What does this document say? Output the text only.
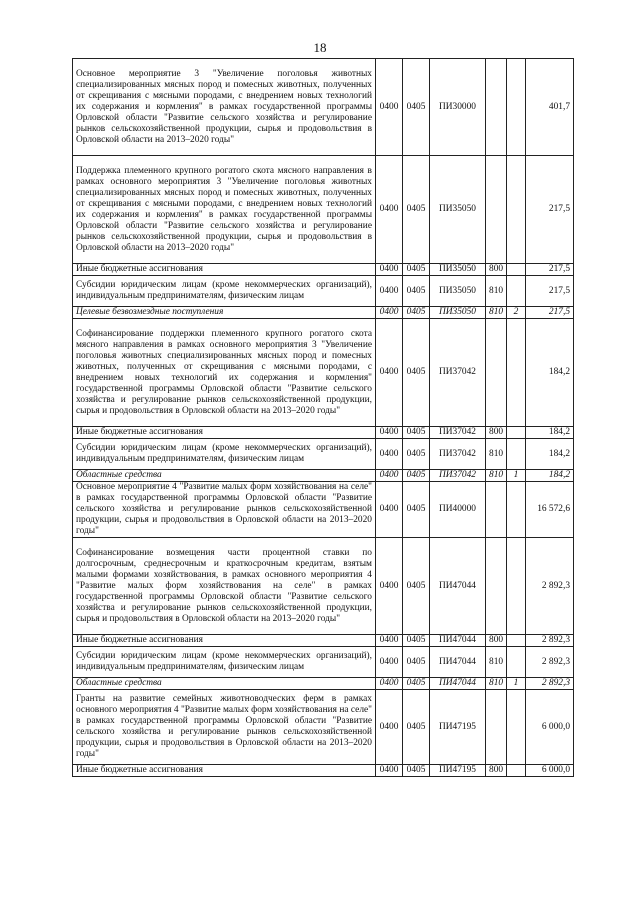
18
Основное мероприятие 3 "Увеличение поголовья животных специализированных мясных пород и помесных животных, полученных от скрещивания с мясными породами, с внедрением новых технологий их содержания и кормления" в рамках государственной программы Орловской области "Развитие сельского хозяйства и регулирование рынков сельскохозяйственной продукции, сырья и продовольствия в Орловской области на 2013–2020 годы"	0400	0405	ПИ30000			401,7
Поддержка племенного крупного рогатого скота мясного направления в рамках основного мероприятия 3 "Увеличение поголовья животных специализированных мясных пород и помесных животных, полученных от скрещивания с мясными породами, с внедрением новых технологий их содержания и кормления" в рамках государственной программы Орловской области "Развитие сельского хозяйства и регулирование рынков сельскохозяйственной продукции, сырья и продовольствия в Орловской области на 2013–2020 годы"	0400	0405	ПИ35050			217,5
Иные бюджетные ассигнования	0400	0405	ПИ35050	800		217,5
Субсидии юридическим лицам (кроме некоммерческих организаций), индивидуальным предпринимателям, физическим лицам	0400	0405	ПИ35050	810		217,5
Целевые безвозмездные поступления	0400	0405	ПИ35050	810	2	217,5
Софинансирование поддержки племенного крупного рогатого скота мясного направления в рамках основного мероприятия 3 "Увеличение поголовья животных специализированных мясных пород и помесных животных, полученных от скрещивания с мясными породами, с внедрением новых технологий их содержания и кормления" государственной программы Орловской области "Развитие сельского хозяйства и регулирование рынков сельскохозяйственной продукции, сырья и продовольствия в Орловской области на 2013–2020 годы"	0400	0405	ПИ37042			184,2
Иные бюджетные ассигнования	0400	0405	ПИ37042	800		184,2
Субсидии юридическим лицам (кроме некоммерческих организаций), индивидуальным предпринимателям, физическим лицам	0400	0405	ПИ37042	810		184,2
Областные средства	0400	0405	ПИ37042	810	1	184,2
Основное мероприятие 4 "Развитие малых форм хозяйствования на селе" в рамках государственной программы Орловской области "Развитие сельского хозяйства и регулирование рынков сельскохозяйственной продукции, сырья и продовольствия в Орловской области на 2013–2020 годы"	0400	0405	ПИ40000			16 572,6
Софинансирование возмещения части процентной ставки по долгосрочным, среднесрочным и краткосрочным кредитам, взятым малыми формами хозяйствования, в рамках основного мероприятия 4 "Развитие малых форм хозяйствования на селе" в рамках государственной программы Орловской области "Развитие сельского хозяйства и регулирование рынков сельскохозяйственной продукции, сырья и продовольствия в Орловской области на 2013–2020 годы"	0400	0405	ПИ47044			2 892,3
Иные бюджетные ассигнования	0400	0405	ПИ47044	800		2 892,3
Субсидии юридическим лицам (кроме некоммерческих организаций), индивидуальным предпринимателям, физическим лицам	0400	0405	ПИ47044	810		2 892,3
Областные средства	0400	0405	ПИ47044	810	1	2 892,3
Гранты на развитие семейных животноводческих ферм в рамках основного мероприятия 4 "Развитие малых форм хозяйствования на селе" в рамках государственной программы Орловской области "Развитие сельского хозяйства и регулирование рынков сельскохозяйственной продукции, сырья и продовольствия в Орловской области на 2013–2020 годы"	0400	0405	ПИ47195			6 000,0
Иные бюджетные ассигнования	0400	0405	ПИ47195	800		6 000,0
